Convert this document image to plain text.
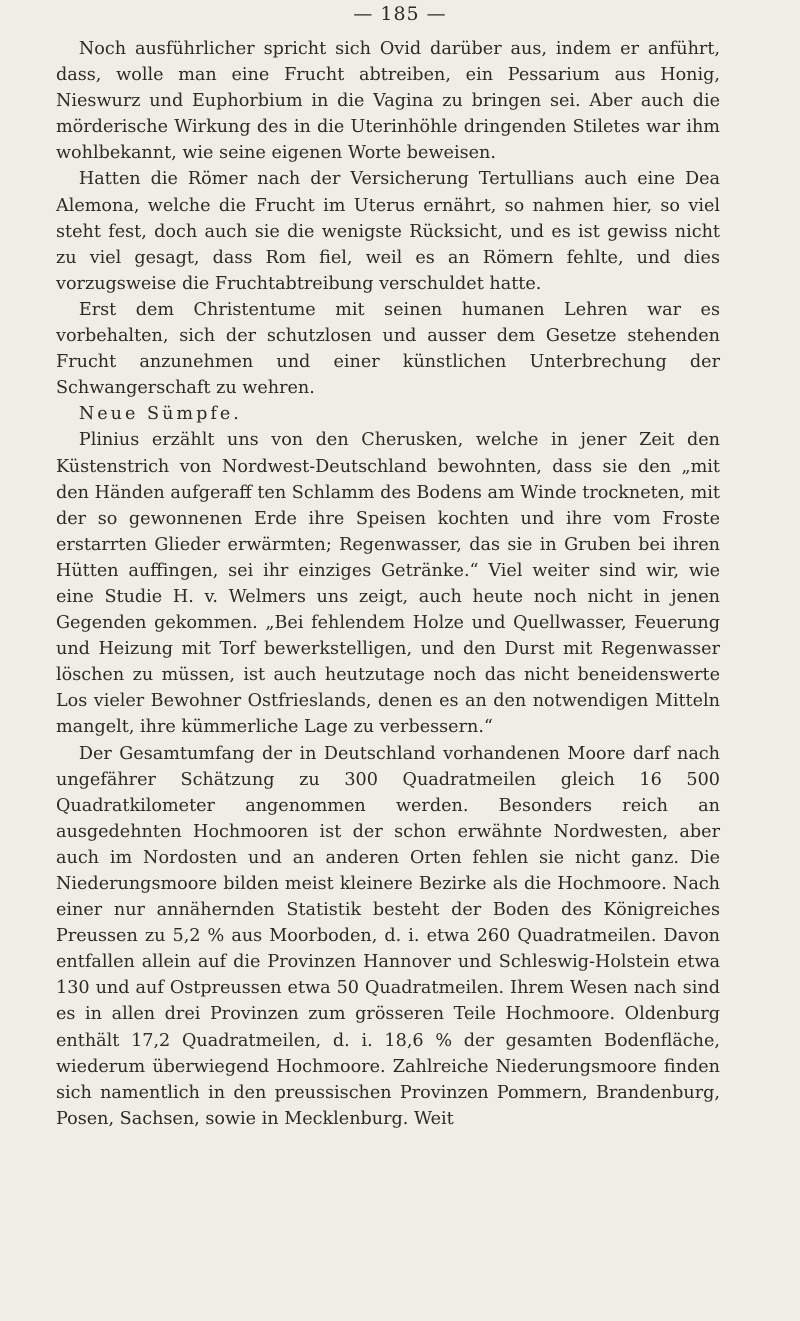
— 185 —

Noch ausführlicher spricht sich Ovid darüber aus, indem er anführt, dass, wolle man eine Frucht abtreiben, ein Pessarium aus Honig, Nieswurz und Euphorbium in die Vagina zu bringen sei. Aber auch die mörderische Wirkung des in die Uterinhöhle dringenden Stiletes war ihm wohlbekannt, wie seine eigenen Worte beweisen.

Hatten die Römer nach der Versicherung Tertullians auch eine Dea Alemona, welche die Frucht im Uterus ernährt, so nahmen hier, so viel steht fest, doch auch sie die wenigste Rücksicht, und es ist gewiss nicht zu viel gesagt, dass Rom fiel, weil es an Römern fehlte, und dies vorzugsweise die Fruchtabtreibung verschuldet hatte.

Erst dem Christentume mit seinen humanen Lehren war es vorbehalten, sich der schutzlosen und ausser dem Gesetze stehenden Frucht anzunehmen und einer künstlichen Unterbrechung der Schwangerschaft zu wehren.

Neue Sümpfe.

Plinius erzählt uns von den Cherusken, welche in jener Zeit den Küstenstrich von Nordwest-Deutschland bewohnten, dass sie den „mit den Händen aufgeraff ten Schlamm des Bodens am Winde trockneten, mit der so gewonnenen Erde ihre Speisen kochten und ihre vom Froste erstarrten Glieder erwärmten; Regenwasser, das sie in Gruben bei ihren Hütten auffingen, sei ihr einziges Getränke.“ Viel weiter sind wir, wie eine Studie H. v. Welmers uns zeigt, auch heute noch nicht in jenen Gegenden gekommen. „Bei fehlendem Holze und Quellwasser, Feuerung und Heizung mit Torf bewerkstelligen, und den Durst mit Regenwasser löschen zu müssen, ist auch heutzutage noch das nicht beneidenswerte Los vieler Bewohner Ostfrieslands, denen es an den notwendigen Mitteln mangelt, ihre kümmerliche Lage zu verbessern.“

Der Gesamtumfang der in Deutschland vorhandenen Moore darf nach ungefährer Schätzung zu 300 Quadratmeilen gleich 16 500 Quadratkilometer angenommen werden. Besonders reich an ausgedehnten Hochmooren ist der schon erwähnte Nordwesten, aber auch im Nordosten und an anderen Orten fehlen sie nicht ganz. Die Niederungsmoore bilden meist kleinere Bezirke als die Hochmoore. Nach einer nur annähernden Statistik besteht der Boden des Königreiches Preussen zu 5,2 % aus Moorboden, d. i. etwa 260 Quadratmeilen. Davon entfallen allein auf die Provinzen Hannover und Schleswig-Holstein etwa 130 und auf Ostpreussen etwa 50 Quadratmeilen. Ihrem Wesen nach sind es in allen drei Provinzen zum grösseren Teile Hochmoore. Oldenburg enthält 17,2 Quadratmeilen, d. i. 18,6 % der gesamten Bodenfläche, wiederum überwiegend Hochmoore. Zahlreiche Niederungsmoore finden sich namentlich in den preussischen Provinzen Pommern, Brandenburg, Posen, Sachsen, sowie in Mecklenburg. Weit
